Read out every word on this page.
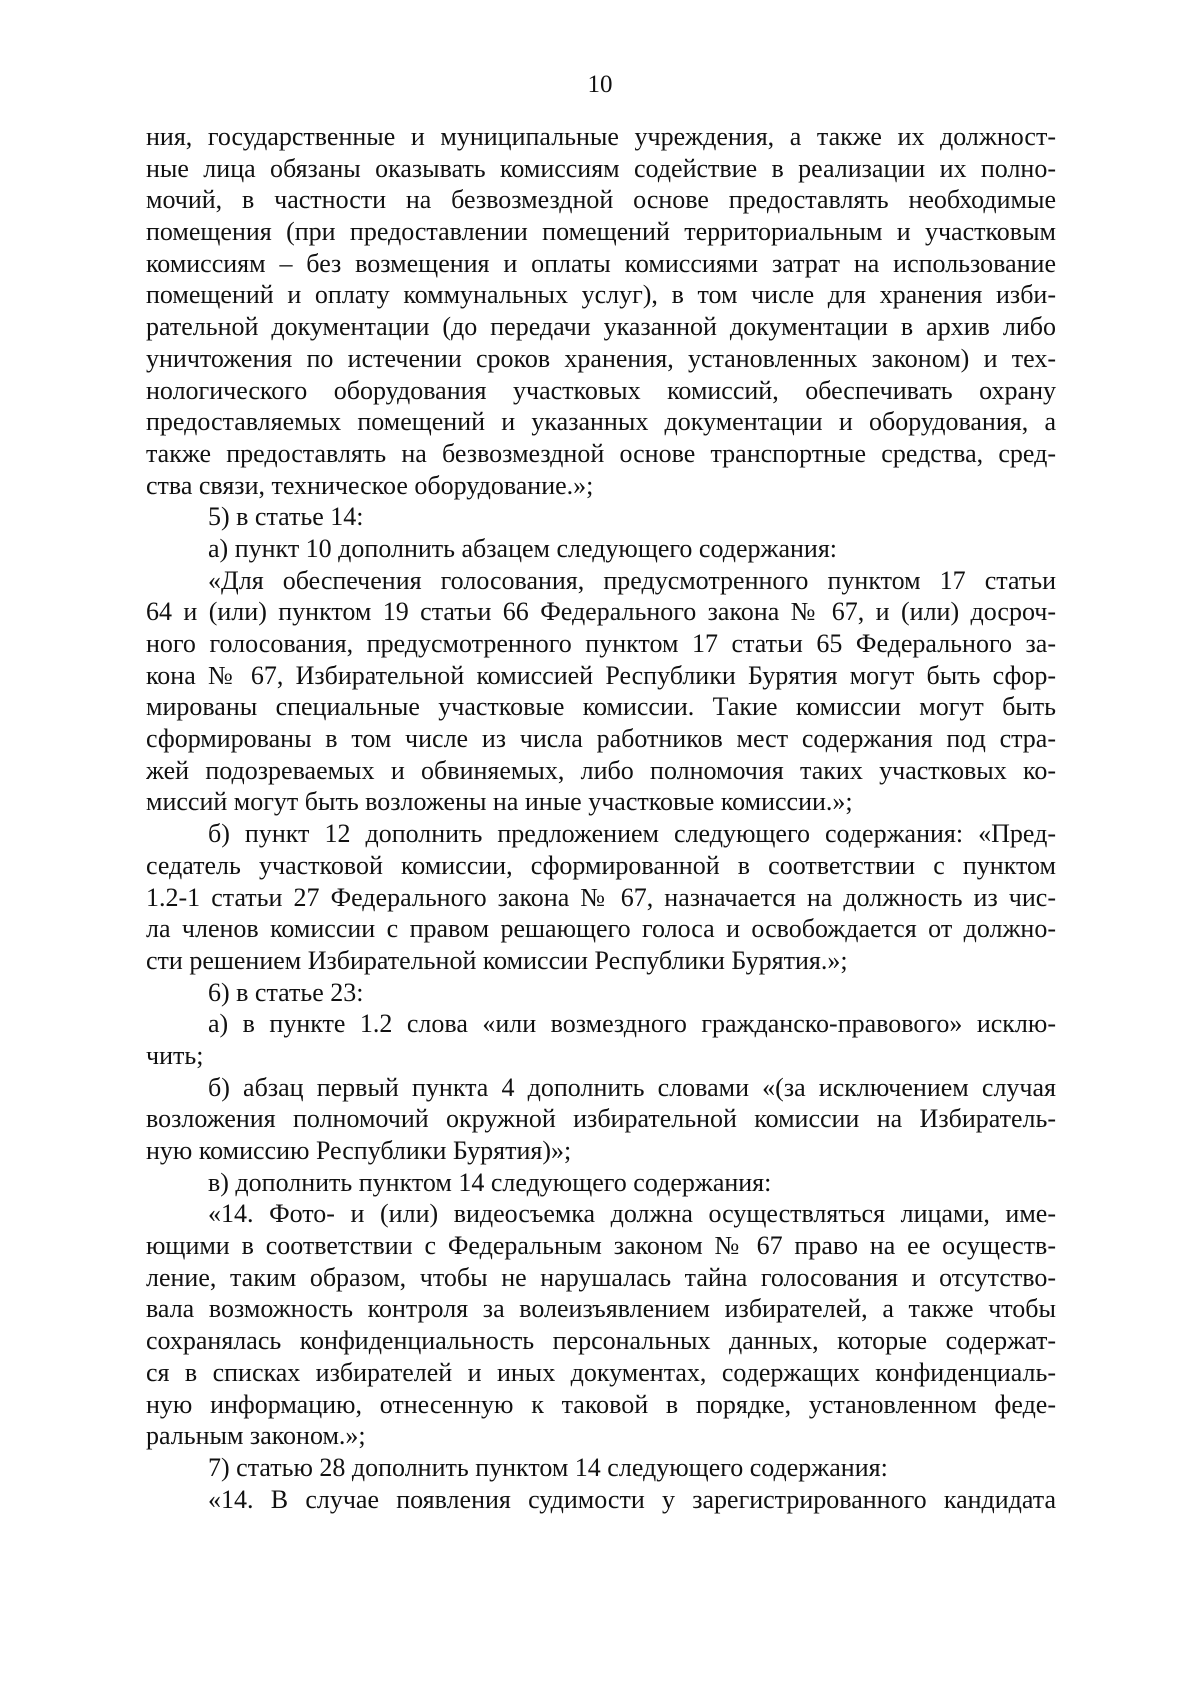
10
ния, государственные и муниципальные учреждения, а также их должност-
ные лица обязаны оказывать комиссиям содействие в реализации их полно-
мочий, в частности на безвозмездной основе предоставлять необходимые
помещения (при предоставлении помещений территориальным и участковым
комиссиям – без возмещения и оплаты комиссиями затрат на использование
помещений и оплату коммунальных услуг), в том числе для хранения изби-
рательной документации (до передачи указанной документации в архив либо
уничтожения по истечении сроков хранения, установленных законом) и тех-
нологического оборудования участковых комиссий, обеспечивать охрану
предоставляемых помещений и указанных документации и оборудования, а
также предоставлять на безвозмездной основе транспортные средства, сред-
ства связи, техническое оборудование.»;
5) в статье 14:
а) пункт 10 дополнить абзацем следующего содержания:
«Для обеспечения голосования, предусмотренного пунктом 17 статьи
64 и (или) пунктом 19 статьи 66 Федерального закона № 67, и (или) досроч-
ного голосования, предусмотренного пунктом 17 статьи 65 Федерального за-
кона № 67, Избирательной комиссией Республики Бурятия могут быть сфор-
мированы специальные участковые комиссии. Такие комиссии могут быть
сформированы в том числе из числа работников мест содержания под стра-
жей подозреваемых и обвиняемых, либо полномочия таких участковых ко-
миссий могут быть возложены на иные участковые комиссии.»;
б) пункт 12 дополнить предложением следующего содержания: «Пред-
седатель участковой комиссии, сформированной в соответствии с пунктом
1.2-1 статьи 27 Федерального закона № 67, назначается на должность из чис-
ла членов комиссии с правом решающего голоса и освобождается от должно-
сти решением Избирательной комиссии Республики Бурятия.»;
6) в статье 23:
а) в пункте 1.2 слова «или возмездного гражданско-правового» исклю-
чить;
б) абзац первый пункта 4 дополнить словами «(за исключением случая
возложения полномочий окружной избирательной комиссии на Избиратель-
ную комиссию Республики Бурятия)»;
в) дополнить пунктом 14 следующего содержания:
«14. Фото- и (или) видеосъемка должна осуществляться лицами, име-
ющими в соответствии с Федеральным законом № 67 право на ее осуществ-
ление, таким образом, чтобы не нарушалась тайна голосования и отсутство-
вала возможность контроля за волеизъявлением избирателей, а также чтобы
сохранялась конфиденциальность персональных данных, которые содержат-
ся в списках избирателей и иных документах, содержащих конфиденциаль-
ную информацию, отнесенную к таковой в порядке, установленном феде-
ральным законом.»;
7) статью 28 дополнить пунктом 14 следующего содержания:
«14. В случае появления судимости у зарегистрированного кандидата
